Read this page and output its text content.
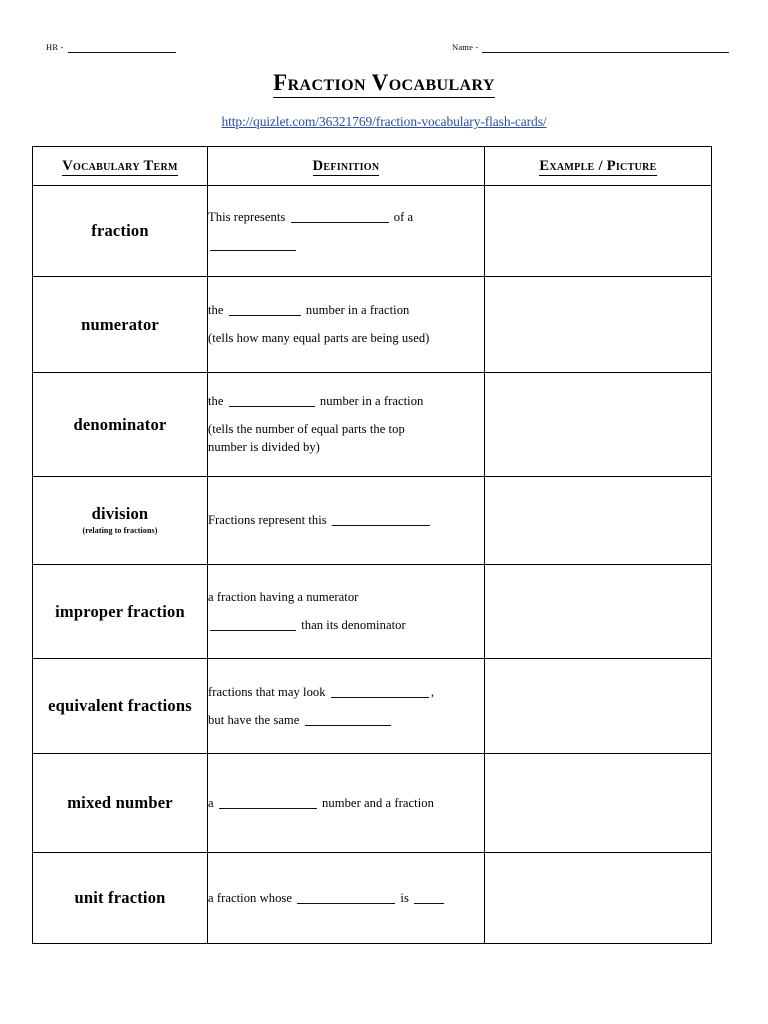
HR -	Name -
Fraction Vocabulary
http://quizlet.com/36321769/fraction-vocabulary-flash-cards/
Vocabulary Term	Definition	Example / Picture

fraction	This represents of a	

numerator	the number in a fraction
(tells how many equal parts are being used)	

denominator	the number in a fraction
(tells the number of equal parts the top
number is divided by)	

division
(relating to fractions)	Fractions represent this	

improper fraction	a fraction having a numerator
than its denominator	

equivalent fractions	fractions that may look ,
but have the same	

mixed number	a number and a fraction	

unit fraction	a fraction whose is	
